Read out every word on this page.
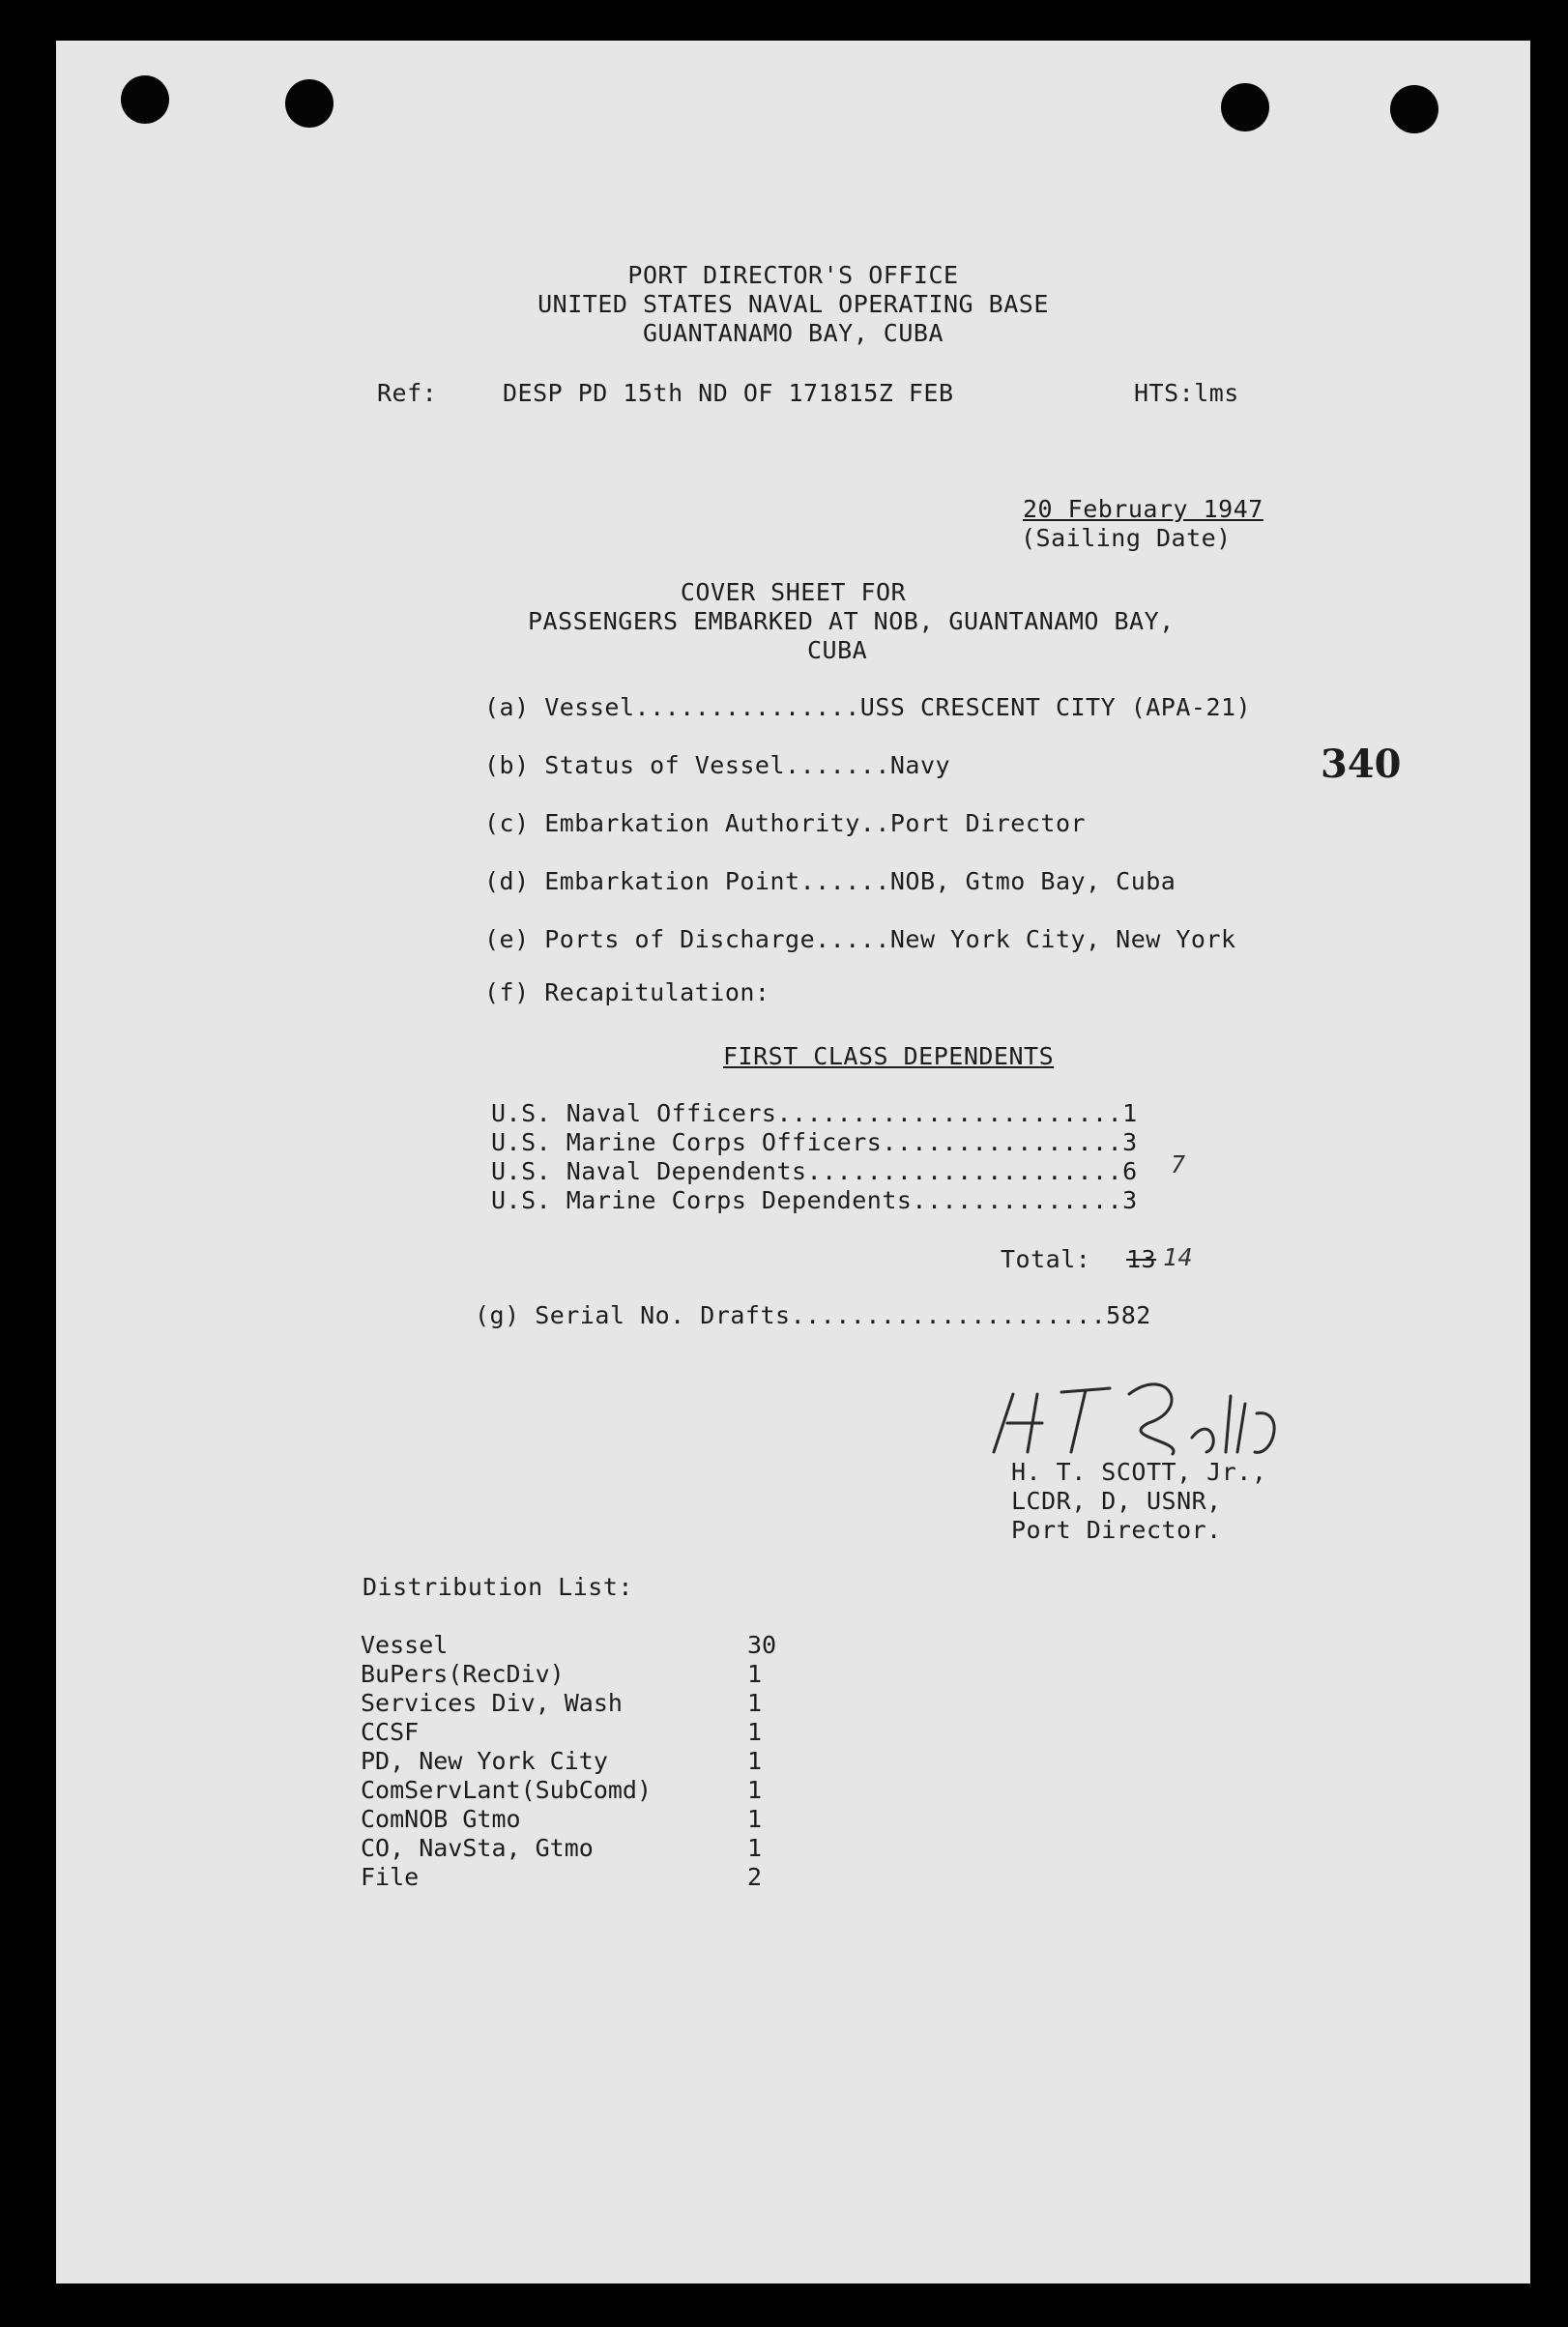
PORT DIRECTOR'S OFFICE
UNITED STATES NAVAL OPERATING BASE
GUANTANAMO BAY, CUBA
Ref:	DESP PD 15th ND OF 171815Z FEB	HTS:lms
20 February 1947
(Sailing Date)
COVER SHEET FOR
PASSENGERS EMBARKED AT NOB, GUANTANAMO BAY,
CUBA
(a) Vessel...............USS CRESCENT CITY (APA-21)
340
(b) Status of Vessel.......Navy
(c) Embarkation Authority..Port Director
(d) Embarkation Point......NOB, Gtmo Bay, Cuba
(e) Ports of Discharge.....New York City, New York
(f) Recapitulation:
FIRST CLASS DEPENDENTS
U.S. Naval Officers.......................1
U.S. Marine Corps Officers................3
U.S. Naval Dependents.....................6 7
U.S. Marine Corps Dependents..............3
Total: 13 14
(g) Serial No. Drafts.....................582
H. T. SCOTT, Jr.,
LCDR, D, USNR,
Port Director.
Distribution List:
Vessel	30
BuPers(RecDiv)	1
Services Div, Wash	1
CCSF	1
PD, New York City	1
ComServLant(SubComd)	1
ComNOB Gtmo	1
CO, NavSta, Gtmo	1
File	2
